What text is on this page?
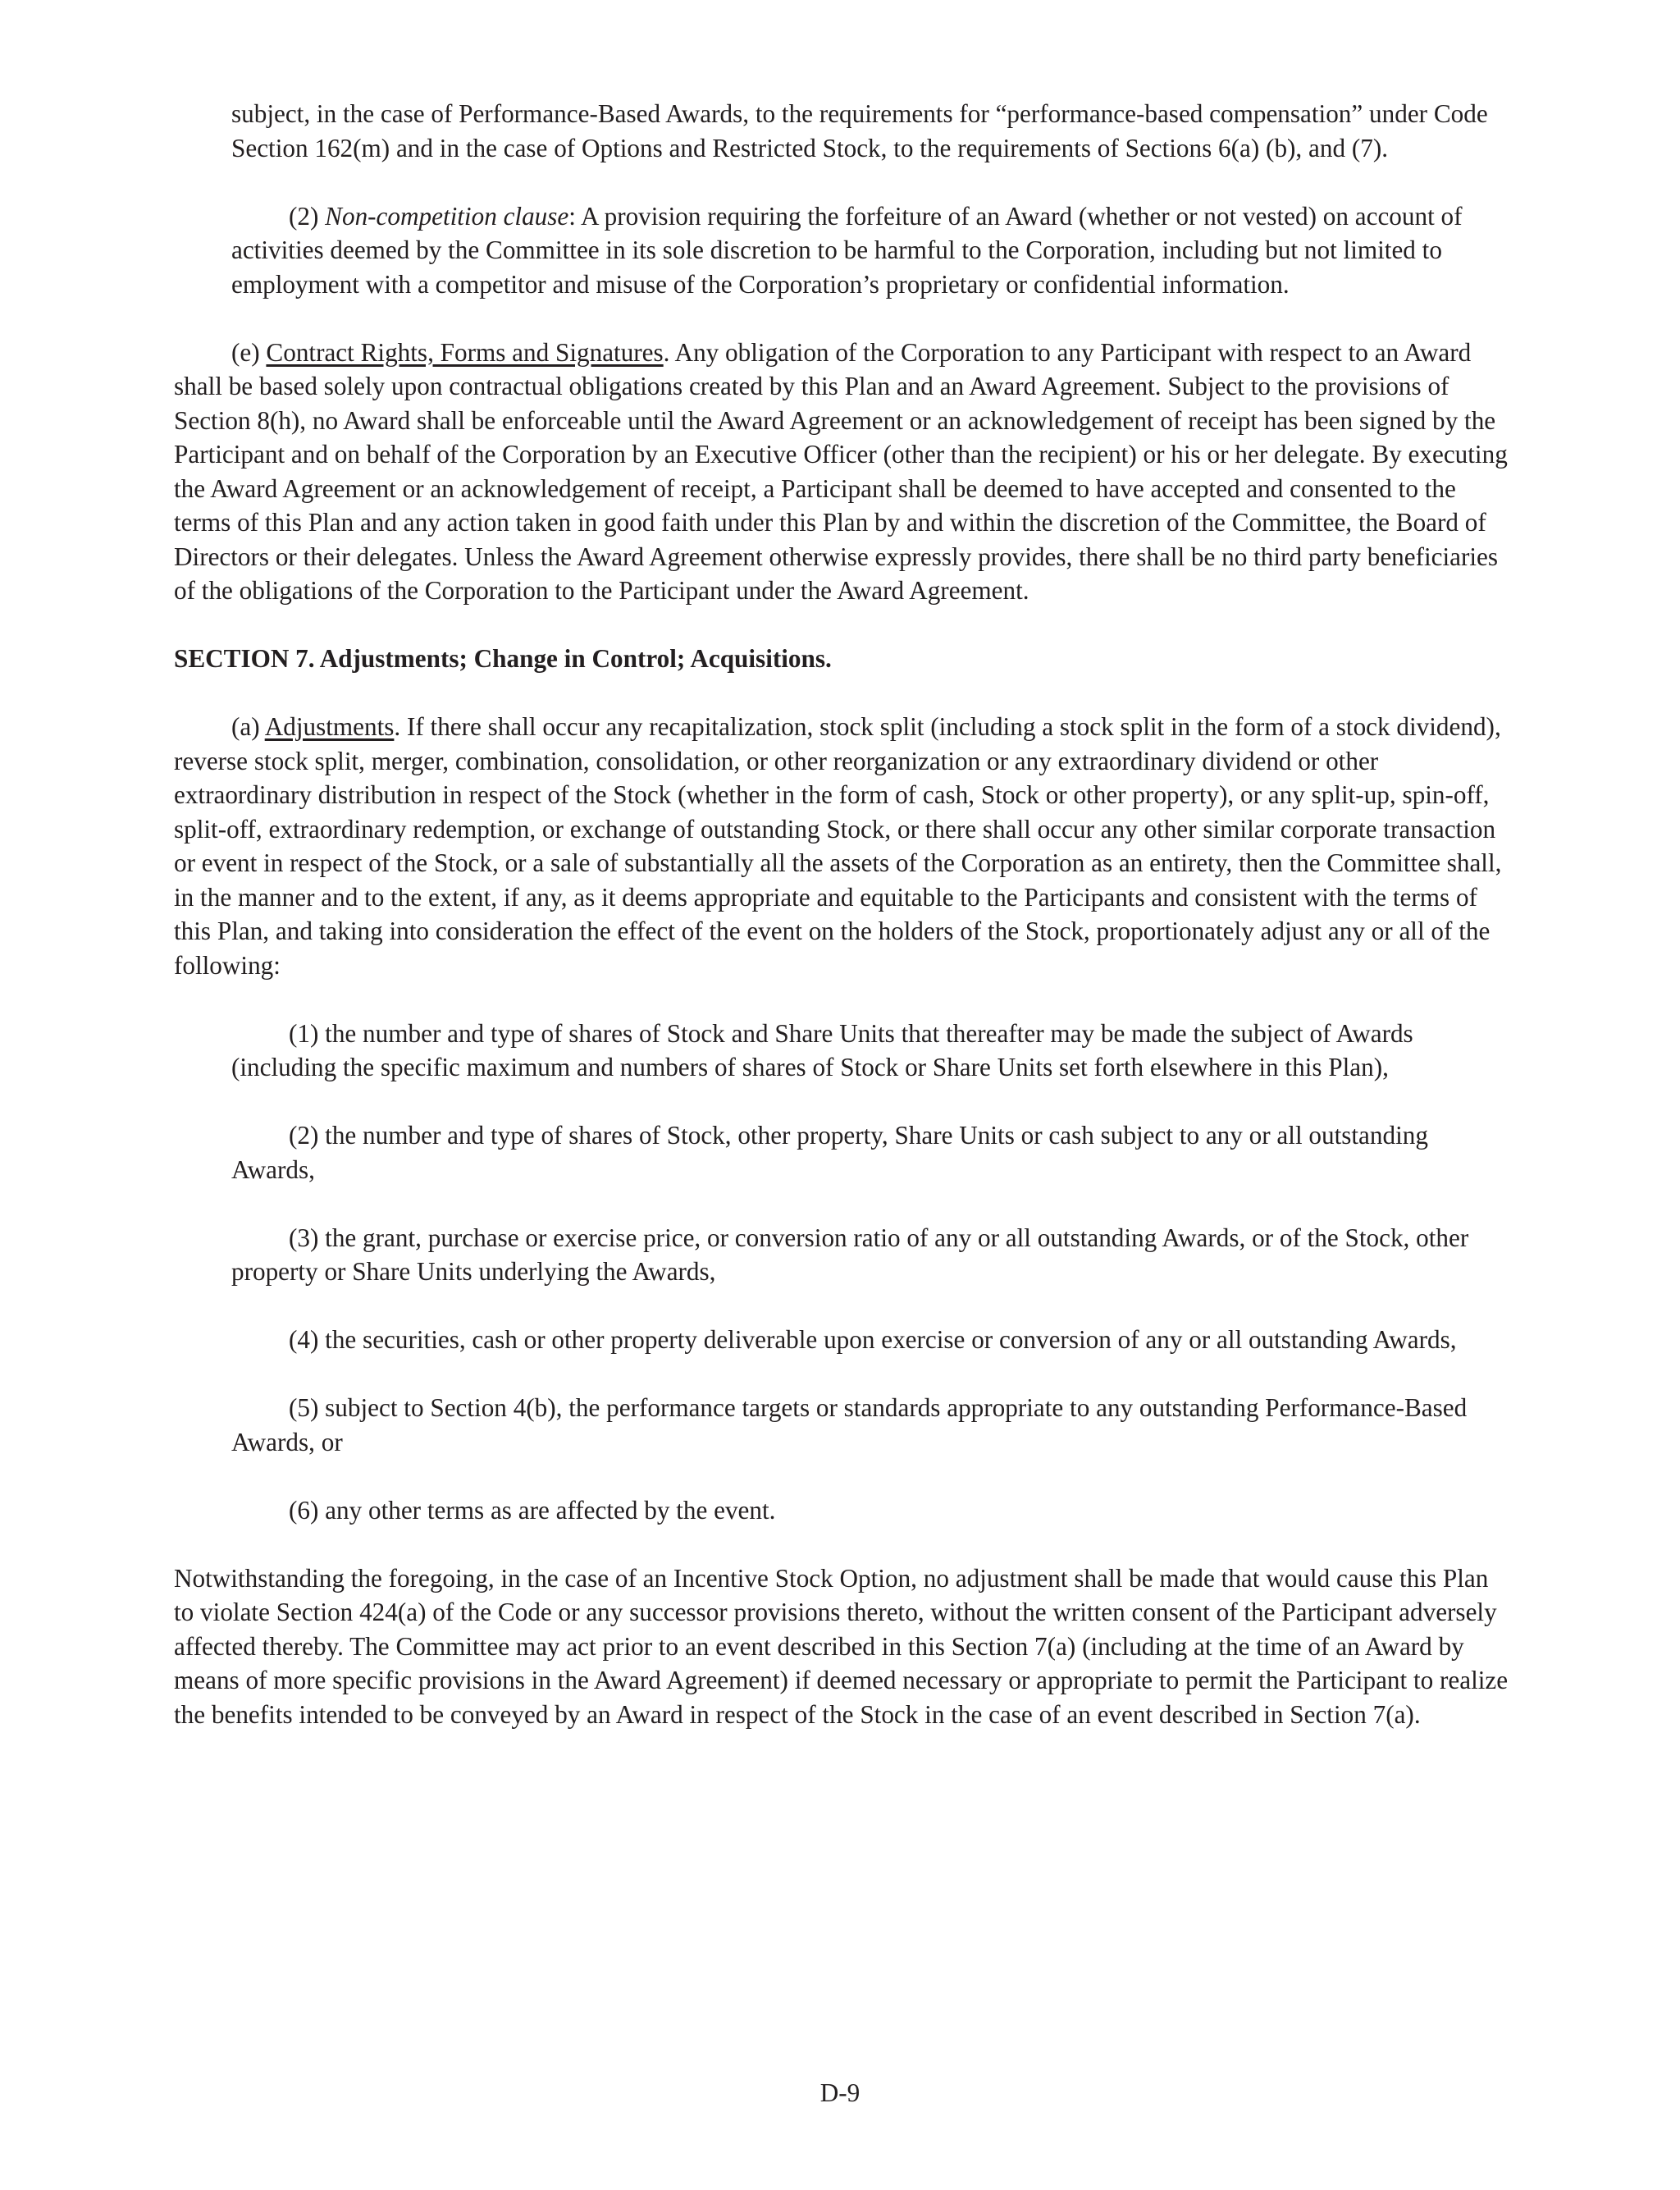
subject, in the case of Performance-Based Awards, to the requirements for “performance-based compensation” under Code Section 162(m) and in the case of Options and Restricted Stock, to the requirements of Sections 6(a) (b), and (7).

(2) Non-competition clause: A provision requiring the forfeiture of an Award (whether or not vested) on account of activities deemed by the Committee in its sole discretion to be harmful to the Corporation, including but not limited to employment with a competitor and misuse of the Corporation’s proprietary or confidential information.

(e) Contract Rights, Forms and Signatures. Any obligation of the Corporation to any Participant with respect to an Award shall be based solely upon contractual obligations created by this Plan and an Award Agreement. Subject to the provisions of Section 8(h), no Award shall be enforceable until the Award Agreement or an acknowledgement of receipt has been signed by the Participant and on behalf of the Corporation by an Executive Officer (other than the recipient) or his or her delegate. By executing the Award Agreement or an acknowledgement of receipt, a Participant shall be deemed to have accepted and consented to the terms of this Plan and any action taken in good faith under this Plan by and within the discretion of the Committee, the Board of Directors or their delegates. Unless the Award Agreement otherwise expressly provides, there shall be no third party beneficiaries of the obligations of the Corporation to the Participant under the Award Agreement.

SECTION 7. Adjustments; Change in Control; Acquisitions.

(a) Adjustments. If there shall occur any recapitalization, stock split (including a stock split in the form of a stock dividend), reverse stock split, merger, combination, consolidation, or other reorganization or any extraordinary dividend or other extraordinary distribution in respect of the Stock (whether in the form of cash, Stock or other property), or any split-up, spin-off, split-off, extraordinary redemption, or exchange of outstanding Stock, or there shall occur any other similar corporate transaction or event in respect of the Stock, or a sale of substantially all the assets of the Corporation as an entirety, then the Committee shall, in the manner and to the extent, if any, as it deems appropriate and equitable to the Participants and consistent with the terms of this Plan, and taking into consideration the effect of the event on the holders of the Stock, proportionately adjust any or all of the following:

(1) the number and type of shares of Stock and Share Units that thereafter may be made the subject of Awards (including the specific maximum and numbers of shares of Stock or Share Units set forth elsewhere in this Plan),

(2) the number and type of shares of Stock, other property, Share Units or cash subject to any or all outstanding Awards,

(3) the grant, purchase or exercise price, or conversion ratio of any or all outstanding Awards, or of the Stock, other property or Share Units underlying the Awards,

(4) the securities, cash or other property deliverable upon exercise or conversion of any or all outstanding Awards,

(5) subject to Section 4(b), the performance targets or standards appropriate to any outstanding Performance-Based Awards, or

(6) any other terms as are affected by the event.

Notwithstanding the foregoing, in the case of an Incentive Stock Option, no adjustment shall be made that would cause this Plan to violate Section 424(a) of the Code or any successor provisions thereto, without the written consent of the Participant adversely affected thereby. The Committee may act prior to an event described in this Section 7(a) (including at the time of an Award by means of more specific provisions in the Award Agreement) if deemed necessary or appropriate to permit the Participant to realize the benefits intended to be conveyed by an Award in respect of the Stock in the case of an event described in Section 7(a).

D-9
